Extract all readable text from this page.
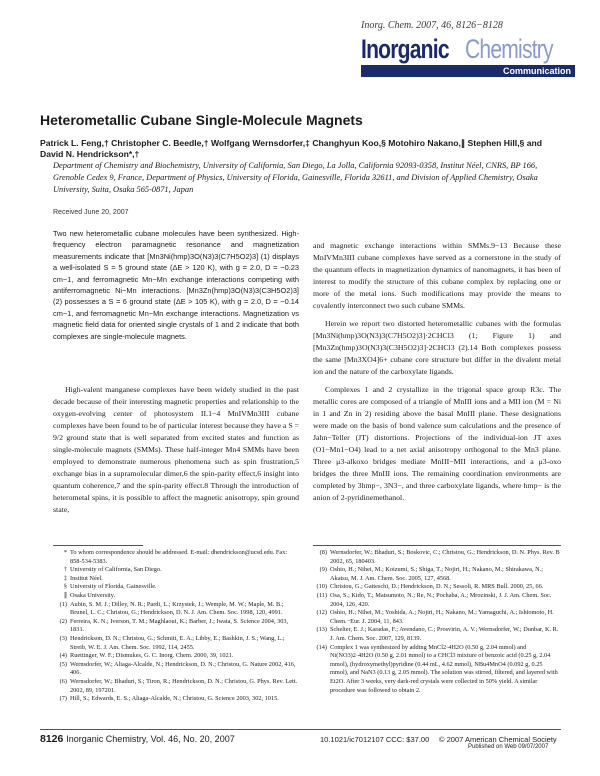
Inorg. Chem. 2007, 46, 8126−8128
Inorganic Chemistry
Communication
Heterometallic Cubane Single-Molecule Magnets
Patrick L. Feng,† Christopher C. Beedle,† Wolfgang Wernsdorfer,‡ Changhyun Koo,§ Motohiro Nakano,∥ Stephen Hill,§ and David N. Hendrickson*,†
Department of Chemistry and Biochemistry, University of California, San Diego, La Jolla, California 92093-0358, Institut Néel, CNRS, BP 166, Grenoble Cedex 9, France, Department of Physics, University of Florida, Gainesville, Florida 32611, and Division of Applied Chemistry, Osaka University, Suita, Osaka 565-0871, Japan
Received June 20, 2007
Two new heterometallic cubane molecules have been synthesized. High-frequency electron paramagnetic resonance and magnetization measurements indicate that [Mn3Ni(hmp)3O(N3)3(C7H5O2)3] (1) displays a well-isolated S = 5 ground state (ΔE > 120 K), with g = 2.0, D = −0.23 cm−1, and ferromagnetic Mn−Mn exchange interactions competing with antiferromagnetic Ni−Mn interactions. [Mn3Zn(hmp)3O(N3)3(C3H5O2)3] (2) possesses a S = 6 ground state (ΔE > 105 K), with g = 2.0, D = −0.14 cm−1, and ferromagnetic Mn−Mn exchange interactions. Magnetization vs magnetic field data for oriented single crystals of 1 and 2 indicate that both complexes are single-molecule magnets.
High-valent manganese complexes have been widely studied in the past decade because of their interesting magnetic properties and relationship to the oxygen-evolving center of photosystem II.1−4 MnIVMn3III cubane complexes have been found to be of particular interest because they have a S = 9/2 ground state that is well separated from excited states and function as single-molecule magnets (SMMs). These half-integer Mn4 SMMs have been employed to demonstrate numerous phenomena such as spin frustration,5 exchange bias in a supramolecular dimer,6 the spin-parity effect,6 insight into quantum coherence,7 and the spin-parity effect.8 Through the introduction of heterometal spins, it is possible to affect the magnetic anisotropy, spin ground state,

and magnetic exchange interactions within SMMs.9−13 Because these MnIVMn3III cubane complexes have served as a cornerstone in the study of the quantum effects in magnetization dynamics of nanomagnets, it has been of interest to modify the structure of this cubane complex by replacing one or more of the metal ions. Such modifications may provide the means to covalently interconnect two such cubane SMMs.

Herein we report two distorted heterometallic cubanes with the formulas [Mn3Ni(hmp)3O(N3)3(C7H5O2)3]·2CHCl3 (1; Figure 1) and [Mn3Zn(hmp)3O(N3)3(C3H5O2)3]·2CHCl3 (2).14 Both complexes possess the same [Mn3XO4]6+ cubane core structure but differ in the divalent metal ion and the nature of the carboxylate ligands.

Complexes 1 and 2 crystallize in the trigonal space group R3c. The metallic cores are composed of a triangle of MnIII ions and a MII ion (M = Ni in 1 and Zn in 2) residing above the basal MnIII plane. These designations were made on the basis of bond valence sum calculations and the presence of Jahn−Teller (JT) distortions. Projections of the individual-ion JT axes (O1−Mn1−O4) lead to a net axial anisotropy orthogonal to the Mn3 plane. Three μ3-alkoxo bridges mediate MnIII−MII interactions, and a μ3-oxo bridges the three MnIII ions. The remaining coordination environments are completed by 3hmp−, 3N3−, and three carboxylate ligands, where hmp− is the anion of 2-pyridinemethanol.

* To whom correspondence should be addressed. E-mail: dhendrickson@ucsd.edu. Fax: 858-534-5383.
† University of California, San Diego.
‡ Institut Néel.
§ University of Florida, Gainesville.
∥ Osaka University.
(1) Aubin, S. M. J.; Dilley, N. R.; Pardi, L.; Krzystek, J.; Wemple, M. W.; Maple, M. B.; Brunel, L. C.; Christou, G.; Hendrickson, D. N. J. Am. Chem. Soc. 1998, 120, 4991.
(2) Ferreira, K. N.; Iverson, T. M.; Maghlaoui, K.; Barber, J.; Iwata, S. Science 2004, 303, 1831.
(3) Hendrickson, D. N.; Christou, G.; Schmitt, E. A.; Libby, E.; Bashkin, J. S.; Wang, L.; Streib, W. E. J. Am. Chem. Soc. 1992, 114, 2455.
(4) Ruettinger, W. F.; Dismukes, G. C. Inorg. Chem. 2000, 39, 1021.
(5) Wernsdorfer, W.; Aliaga-Alcalde, N.; Hendrickson, D. N.; Christou, G. Nature 2002, 416, 406.
(6) Wernsdorfer, W.; Bhaduri, S.; Tiron, R.; Hendrickson, D. N.; Christou, G. Phys. Rev. Lett. 2002, 89, 197201.
(7) Hill, S.; Edwards, E. S.; Aliaga-Alcalde, N.; Christou, G. Science 2003, 302, 1015.
(8) Wernsdorfer, W.; Bhaduri, S.; Boskovic, C.; Christou, G.; Hendrickson, D. N. Phys. Rev. B 2002, 65, 180403.
(9) Oshio, H.; Nihei, M.; Koizumi, S.; Shiga, T.; Nojiri, H.; Nakano, M.; Shirakawa, N.; Akatsu, M. J. Am. Chem. Soc. 2005, 127, 4568.
(10) Christou, G.; Gatteschi, D.; Hendrickson, D. N.; Sessoli, R. MRS Bull. 2000, 25, 66.
(11) Osa, S.; Kido, T.; Matsumoto, N.; Re, N.; Pochaba, A.; Mrozinski, J. J. Am. Chem. Soc. 2004, 126, 420.
(12) Oshio, H.; Nihei, M.; Yoshida, A.; Nojiri, H.; Nakano, M.; Yamaguchi, A.; Ishiomoto, H. Chem.−Eur. J. 2004, 11, 843.
(13) Schelter, E. J.; Karadas, F.; Avendano, C.; Prosvirin, A. V.; Wernsdorfer, W.; Dunbar, K. R. J. Am. Chem. Soc. 2007, 129, 8139.
(14) Complex 1 was synthesized by adding MnCl2·4H2O (0.50 g, 2.04 mmol) and Ni(NO3)2·4H2O (0.50 g, 2.01 mmol) to a CHCl3 mixture of benzoic acid (0.25 g, 2.04 mmol), (hydroxymethyl)pyridine (0.44 mL, 4.62 mmol), NBu4MnO4 (0.092 g, 0.25 mmol), and NaN3 (0.13 g, 2.05 mmol). The solution was stirred, filtered, and layered with Et2O. After 3 weeks, very dark-red crystals were collected in 50% yield. A similar procedure was followed to obtain 2.
8126 Inorganic Chemistry, Vol. 46, No. 20, 2007	10.1021/ic7012107 CCC: $37.00 © 2007 American Chemical Society
Published on Web 09/07/2007
